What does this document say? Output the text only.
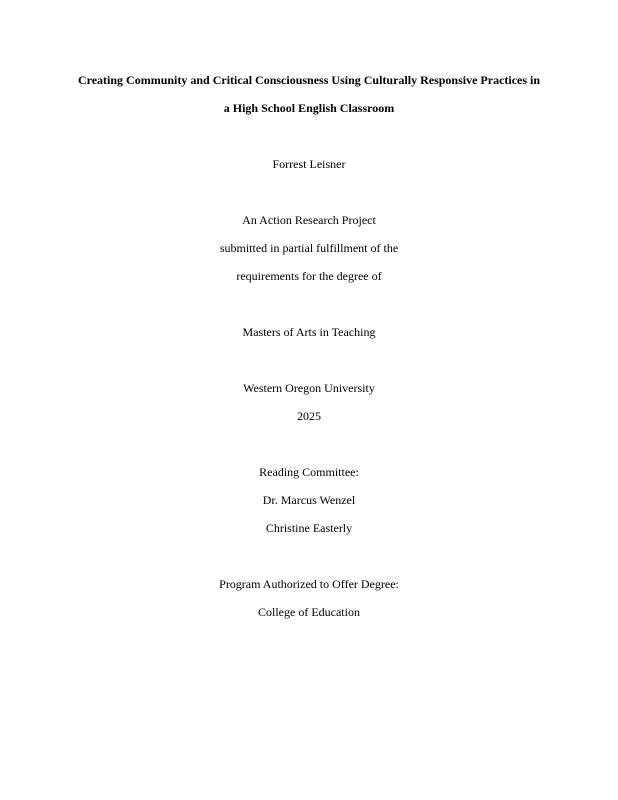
Creating Community and Critical Consciousness Using Culturally Responsive Practices in
a High School English Classroom
Forrest Leisner
An Action Research Project
submitted in partial fulfillment of the
requirements for the degree of
Masters of Arts in Teaching
Western Oregon University
2025
Reading Committee:
Dr. Marcus Wenzel
Christine Easterly
Program Authorized to Offer Degree:
College of Education
